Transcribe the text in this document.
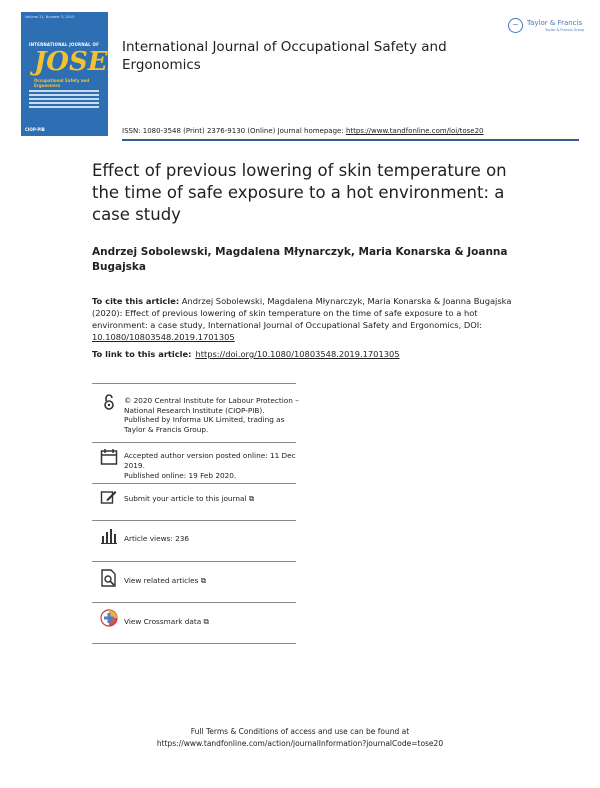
Volume 21, Number 3, 2015
INTERNATIONAL JOURNAL OF
JOSE
Occupational Safety and Ergonomics
CIOP-PIB
International Journal of Occupational Safety and Ergonomics
~	Taylor & Francis
Taylor & Francis Group
ISSN: 1080-3548 (Print) 2376-9130 (Online) Journal homepage: https://www.tandfonline.com/loi/tose20
Effect of previous lowering of skin temperature on the time of safe exposure to a hot environment: a case study
Andrzej Sobolewski, Magdalena Młynarczyk, Maria Konarska & Joanna Bugajska
To cite this article: Andrzej Sobolewski, Magdalena Młynarczyk, Maria Konarska & Joanna Bugajska (2020): Effect of previous lowering of skin temperature on the time of safe exposure to a hot environment: a case study, International Journal of Occupational Safety and Ergonomics, DOI: 10.1080/10803548.2019.1701305
To link to this article: https://doi.org/10.1080/10803548.2019.1701305
© 2020 Central Institute for Labour Protection – National Research Institute (CIOP-PIB). Published by Informa UK Limited, trading as Taylor & Francis Group.
Accepted author version posted online: 11 Dec 2019.
Published online: 19 Feb 2020.
Submit your article to this journal ⧉
Article views: 236
View related articles ⧉
View Crossmark data ⧉
Full Terms & Conditions of access and use can be found at
https://www.tandfonline.com/action/journalInformation?journalCode=tose20
